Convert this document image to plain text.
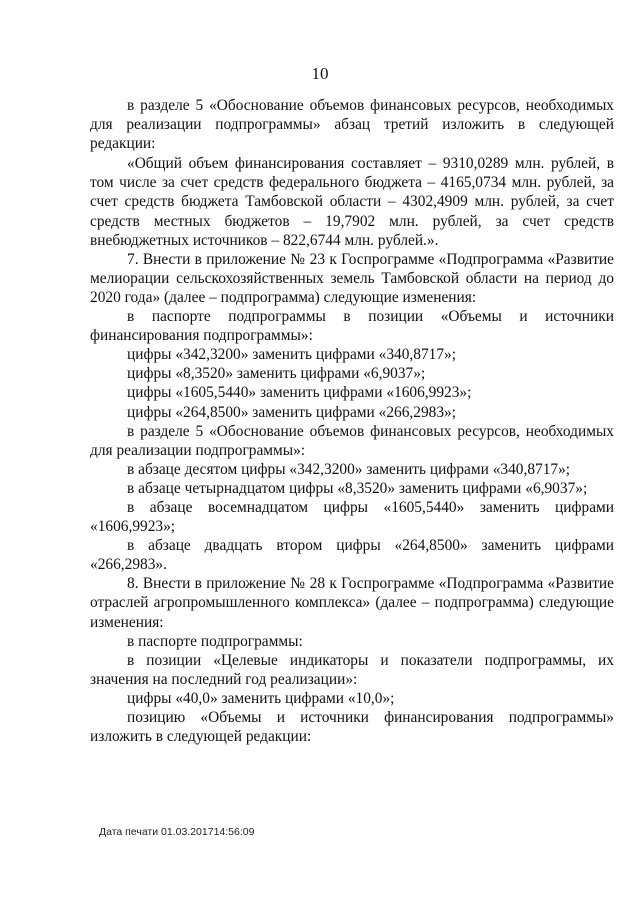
10

в разделе 5 «Обоснование объемов финансовых ресурсов, необходимых для реализации подпрограммы» абзац третий изложить в следующей редакции:

«Общий объем финансирования составляет – 9310,0289 млн. рублей, в том числе за счет средств федерального бюджета – 4165,0734 млн. рублей, за счет средств бюджета Тамбовской области – 4302,4909 млн. рублей, за счет средств местных бюджетов – 19,7902 млн. рублей, за счет средств внебюджетных источников – 822,6744 млн. рублей.».

7. Внести в приложение № 23 к Госпрограмме «Подпрограмма «Развитие мелиорации сельскохозяйственных земель Тамбовской области на период до 2020 года» (далее – подпрограмма) следующие изменения:

в паспорте подпрограммы в позиции «Объемы и источники финансирования подпрограммы»:

цифры «342,3200» заменить цифрами «340,8717»;

цифры «8,3520» заменить цифрами «6,9037»;

цифры «1605,5440» заменить цифрами «1606,9923»;

цифры «264,8500» заменить цифрами «266,2983»;

в разделе 5 «Обоснование объемов финансовых ресурсов, необходимых для реализации подпрограммы»:

в абзаце десятом цифры «342,3200» заменить цифрами «340,8717»;

в абзаце четырнадцатом цифры «8,3520» заменить цифрами «6,9037»;

в абзаце восемнадцатом цифры «1605,5440» заменить цифрами «1606,9923»;

в абзаце двадцать втором цифры «264,8500» заменить цифрами «266,2983».

8. Внести в приложение № 28 к Госпрограмме «Подпрограмма «Развитие отраслей агропромышленного комплекса» (далее – подпрограмма) следующие изменения:

в паспорте подпрограммы:

в позиции «Целевые индикаторы и показатели подпрограммы, их значения на последний год реализации»:

цифры «40,0» заменить цифрами «10,0»;

позицию «Объемы и источники финансирования подпрограммы» изложить в следующей редакции:

Дата печати 01.03.201714:56:09
